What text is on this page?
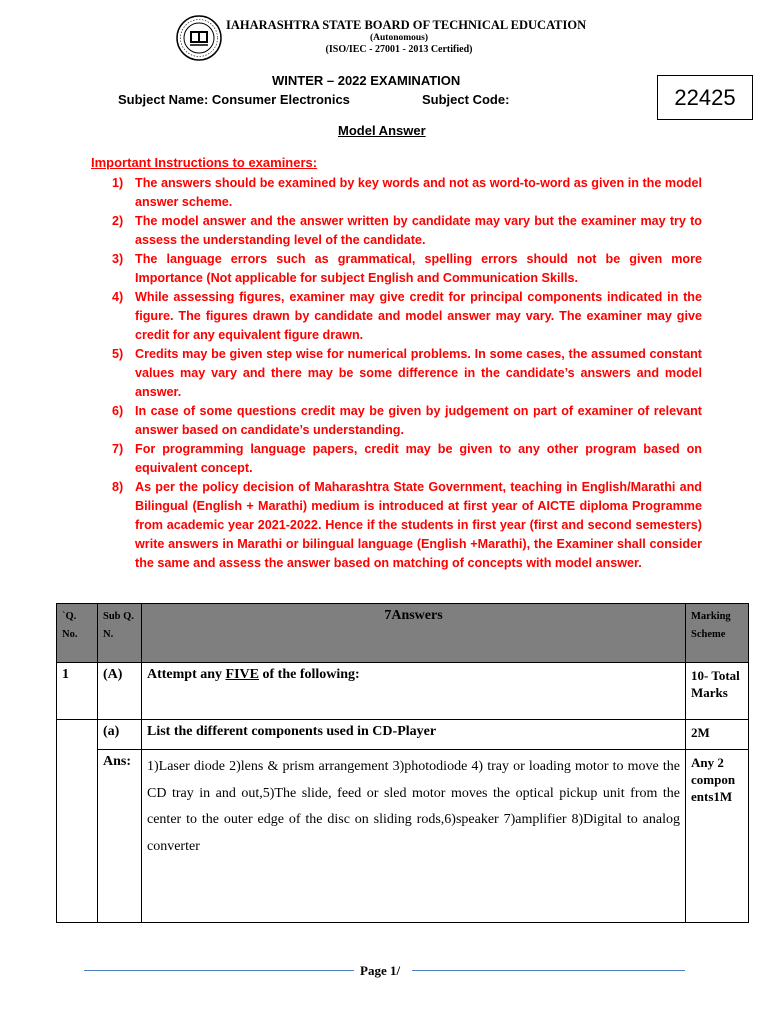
IAHARASHTRA STATE BOARD OF TECHNICAL EDUCATION
(Autonomous)
(ISO/IEC - 27001 - 2013 Certified)
WINTER – 2022 EXAMINATION
Subject Name: Consumer Electronics	Subject Code:	22425
Model Answer
Important Instructions to examiners:
1) The answers should be examined by key words and not as word-to-word as given in the model answer scheme.
2) The model answer and the answer written by candidate may vary but the examiner may try to assess the understanding level of the candidate.
3) The language errors such as grammatical, spelling errors should not be given more Importance (Not applicable for subject English and Communication Skills.
4) While assessing figures, examiner may give credit for principal components indicated in the figure. The figures drawn by candidate and model answer may vary. The examiner may give credit for any equivalent figure drawn.
5) Credits may be given step wise for numerical problems. In some cases, the assumed constant values may vary and there may be some difference in the candidate’s answers and model answer.
6) In case of some questions credit may be given by judgement on part of examiner of relevant answer based on candidate’s understanding.
7) For programming language papers, credit may be given to any other program based on equivalent concept.
8) As per the policy decision of Maharashtra State Government, teaching in English/Marathi and Bilingual (English + Marathi) medium is introduced at first year of AICTE diploma Programme from academic year 2021-2022. Hence if the students in first year (first and second semesters) write answers in Marathi or bilingual language (English +Marathi), the Examiner shall consider the same and assess the answer based on matching of concepts with model answer.
`Q. No.	Sub Q. N.	7Answers	Marking Scheme
1	(A)	Attempt any FIVE of the following:	10- Total Marks
	(a)	List the different components used in CD-Player	2M
	Ans:	1)Laser diode 2)lens & prism arrangement 3)photodiode 4) tray or loading motor to move the CD tray in and out,5)The slide, feed or sled motor moves the optical pickup unit from the center to the outer edge of the disc on sliding rods,6)speaker 7)amplifier 8)Digital to analog converter	Any 2 compon ents1M
Page 1/
